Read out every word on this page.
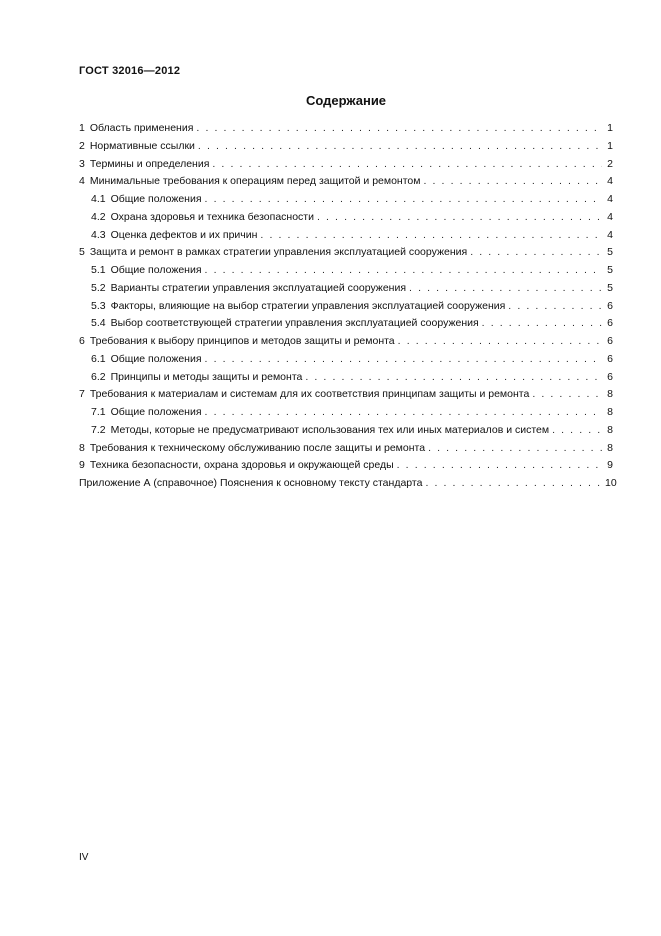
ГОСТ 32016—2012
Содержание
1 Область применения . . .	1
2 Нормативные ссылки . . .	1
3 Термины и определения . . .	2
4 Минимальные требования к операциям перед защитой и ремонтом . . .	4
4.1 Общие положения . . .	4
4.2 Охрана здоровья и техника безопасности . . .	4
4.3 Оценка дефектов и их причин . . .	4
5 Защита и ремонт в рамках стратегии управления эксплуатацией сооружения . . .	5
5.1 Общие положения . . .	5
5.2 Варианты стратегии управления эксплуатацией сооружения . . .	5
5.3 Факторы, влияющие на выбор стратегии управления эксплуатацией сооружения . . .	6
5.4 Выбор соответствующей стратегии управления эксплуатацией сооружения . . .	6
6 Требования к выбору принципов и методов защиты и ремонта . . .	6
6.1 Общие положения . . .	6
6.2 Принципы и методы защиты и ремонта . . .	6
7 Требования к материалам и системам для их соответствия принципам защиты и ремонта . . .	8
7.1 Общие положения . . .	8
7.2 Методы, которые не предусматривают использования тех или иных материалов и систем . . .	8
8 Требования к техническому обслуживанию после защиты и ремонта . . .	8
9 Техника безопасности, охрана здоровья и окружающей среды . . .	9
Приложение А (справочное) Пояснения к основному тексту стандарта . . .	10
IV
